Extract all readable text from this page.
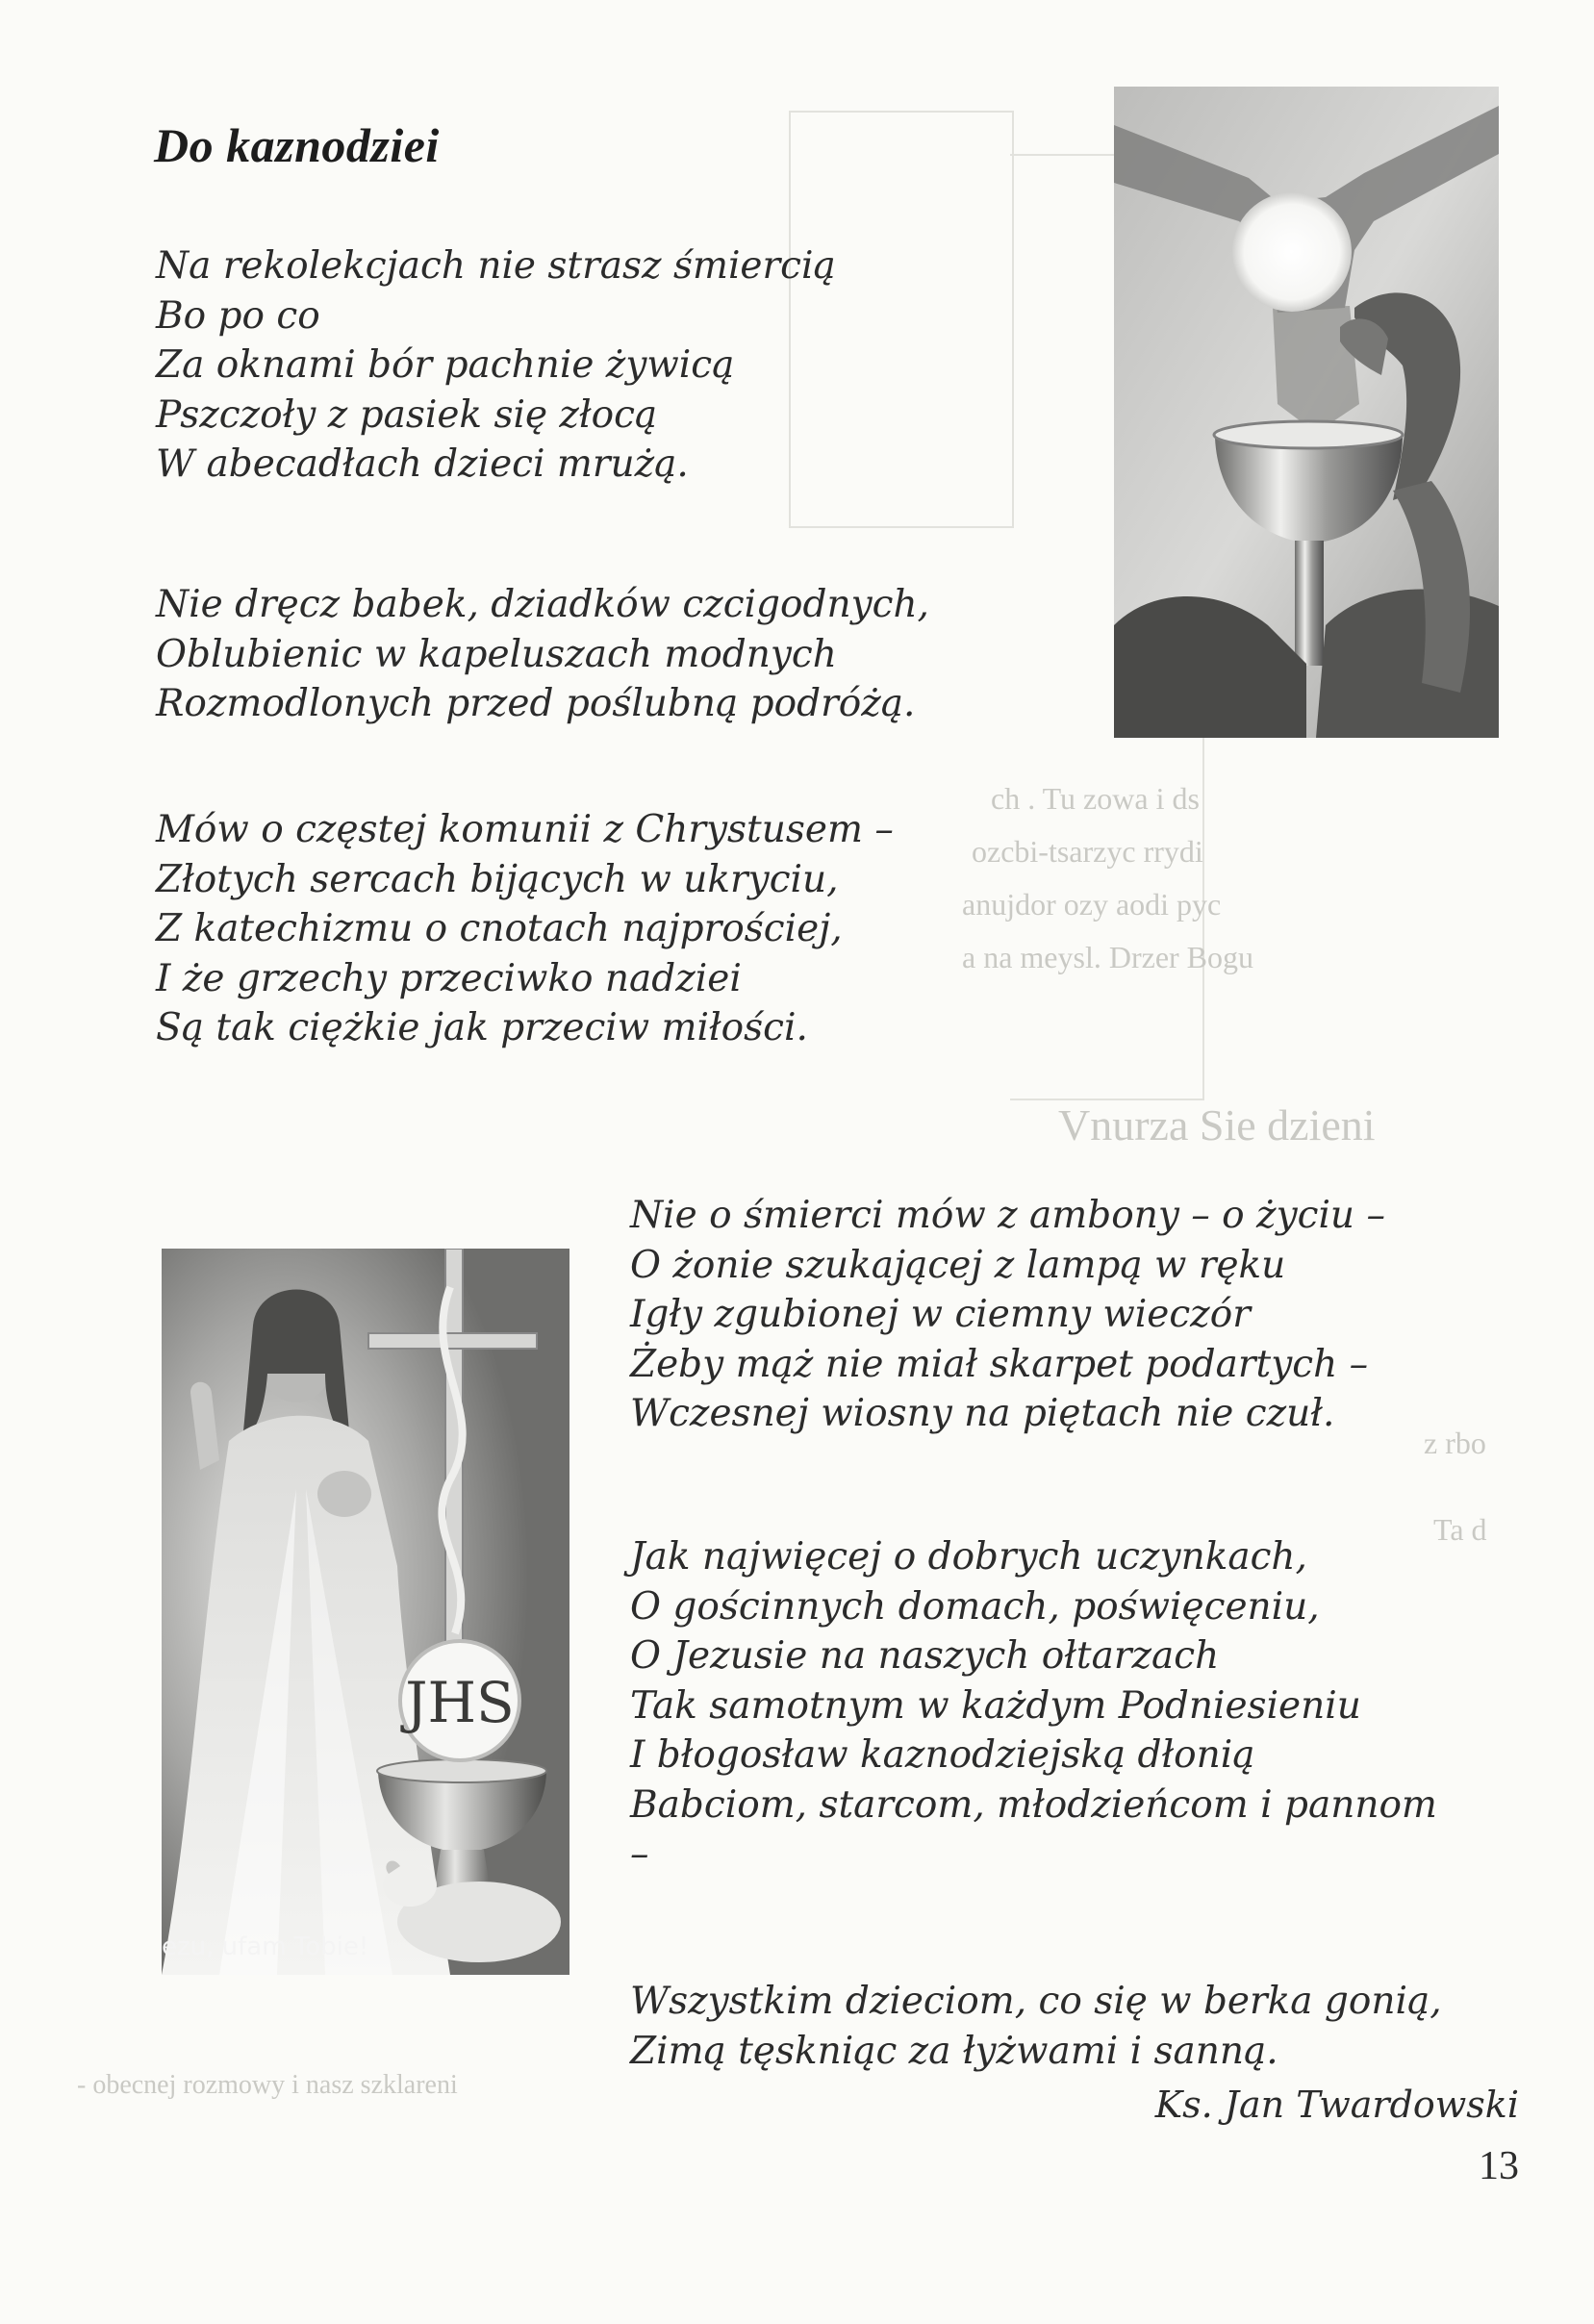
ch . Tu zowa i ds
ozcbi-tsarzyc rrydi
anujdor ozy aodi pyc
a na meysl. Drzer Bogu
Vnurza Sie dzieni
z rbo
Ta d
- obecnej rozmowy i nasz szklareni
Do kaznodziei
Na rekolekcjach nie strasz śmiercią
Bo po co
Za oknami bór pachnie żywicą
Pszczoły z pasiek się złocą
W abecadłach dzieci mrużą.
Nie dręcz babek, dziadków czcigodnych,
Oblubienic w kapeluszach modnych
Rozmodlonych przed poślubną podróżą.
Mów o częstej komunii z Chrystusem –
Złotych sercach bijących w ukryciu,
Z katechizmu o cnotach najprościej,
I że grzechy przeciwko nadziei
Są tak ciężkie jak przeciw miłości.
Nie o śmierci mów z ambony – o życiu –
O żonie szukającej z lampą w ręku
Igły zgubionej w ciemny wieczór
Żeby mąż nie miał skarpet podartych –
Wczesnej wiosny na piętach nie czuł.
Jak najwięcej o dobrych uczynkach,
O gościnnych domach, poświęceniu,
O Jezusie na naszych ołtarzach
Tak samotnym w każdym Podniesieniu
I błogosław kaznodziejską dłonią
Babciom, starcom, młodzieńcom i pannom
–
Wszystkim dzieciom, co się w berka gonią,
Zimą tęskniąc za łyżwami i sanną.
Ks. Jan Twardowski
13
JHS
ezu, ufam Tobie!
